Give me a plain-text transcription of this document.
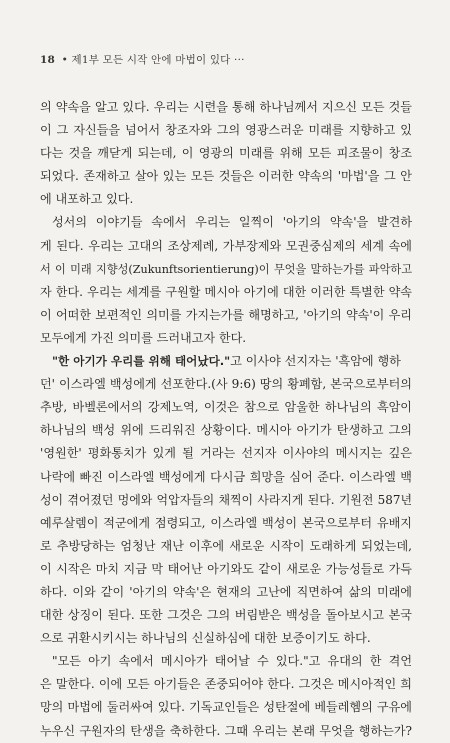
18 • 제1부 모든 시작 안에 마법이 있다 ···
의 약속을 알고 있다. 우리는 시련을 통해 하나님께서 지으신 모든 것들
이 그 자신들을 넘어서 창조자와 그의 영광스러운 미래를 지향하고 있
다는 것을 깨닫게 되는데, 이 영광의 미래를 위해 모든 피조물이 창조
되었다. 존재하고 살아 있는 모든 것들은 이러한 약속의 '마법'을 그 안
에 내포하고 있다.
성서의 이야기들 속에서 우리는 일찍이 '아기의 약속'을 발견하
게 된다. 우리는 고대의 조상제례, 가부장제와 모권중심제의 세계 속에
서 이 미래 지향성(Zukunftsorientierung)이 무엇을 말하는가를 파악하고
자 한다. 우리는 세계를 구원할 메시아 아기에 대한 이러한 특별한 약속
이 어떠한 보편적인 의미를 가지는가를 해명하고, '아기의 약속'이 우리
모두에게 가진 의미를 드러내고자 한다.
"한 아기가 우리를 위해 태어났다."고 이사야 선지자는 '흑암에 행하
던' 이스라엘 백성에게 선포한다.(사 9:6) 땅의 황폐함, 본국으로부터의
추방, 바벨론에서의 강제노역, 이것은 참으로 암울한 하나님의 흑암이
하나님의 백성 위에 드리워진 상황이다. 메시아 아기가 탄생하고 그의
'영원한' 평화통치가 있게 될 거라는 선지자 이사야의 메시지는 깊은
나락에 빠진 이스라엘 백성에게 다시금 희망을 심어 준다. 이스라엘 백
성이 겪어졌던 멍에와 억압자들의 채찍이 사라지게 된다. 기원전 587년
예루살렘이 적군에게 점령되고, 이스라엘 백성이 본국으로부터 유배지
로 추방당하는 엄청난 재난 이후에 새로운 시작이 도래하게 되었는데,
이 시작은 마치 지금 막 태어난 아기와도 같이 새로운 가능성들로 가득
하다. 이와 같이 '아기의 약속'은 현재의 고난에 직면하여 삶의 미래에
대한 상징이 된다. 또한 그것은 그의 버림받은 백성을 돌아보시고 본국
으로 귀환시키시는 하나님의 신실하심에 대한 보증이기도 하다.
"모든 아기 속에서 메시아가 태어날 수 있다."고 유대의 한 격언
은 말한다. 이에 모든 아기들은 존중되어야 한다. 그것은 메시아적인 희
망의 마법에 둘러싸여 있다. 기독교인들은 성탄절에 베들레헴의 구유에
누우신 구원자의 탄생을 축하한다. 그때 우리는 본래 무엇을 행하는가?
